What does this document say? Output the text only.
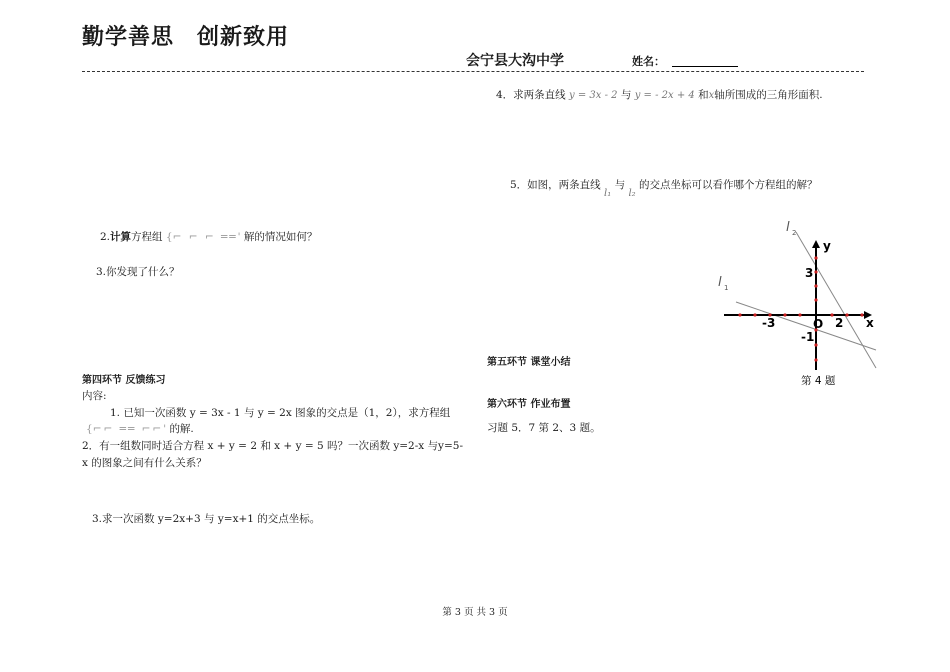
勤学善思　创新致用
会宁县大沟中学	姓名：
2.计算方程组 {⌐ ⌐ ⌐ ══' 解的情况如何？
3.你发现了什么？
第四环节 反馈练习
内容:
1. 已知一次函数 y = 3x - 1 与 y = 2x 图象的交点是（1，2），求方程组
{⌐⌐ ══ ⌐⌐' 的解.
2．有一组数同时适合方程 x + y = 2 和 x + y = 5 吗？一次函数 y=2-x 与y=5-x 的图象之间有什么关系？
3.求一次函数 y=2x+3 与 y=x+1 的交点坐标。
4．求两条直线 y = 3x - 2 与 y = - 2x + 4 和x轴所围成的三角形面积.
5．如图，两条直线 l₁ 与 l₂ 的交点坐标可以看作哪个方程组的解？
第五环节 课堂小结
第六环节 作业布置
习题 5．7 第 2、3 题。
l 2
l 1
y
x
3
-3	O 2
-1
第 4 题
第 3 页 共 3 页
